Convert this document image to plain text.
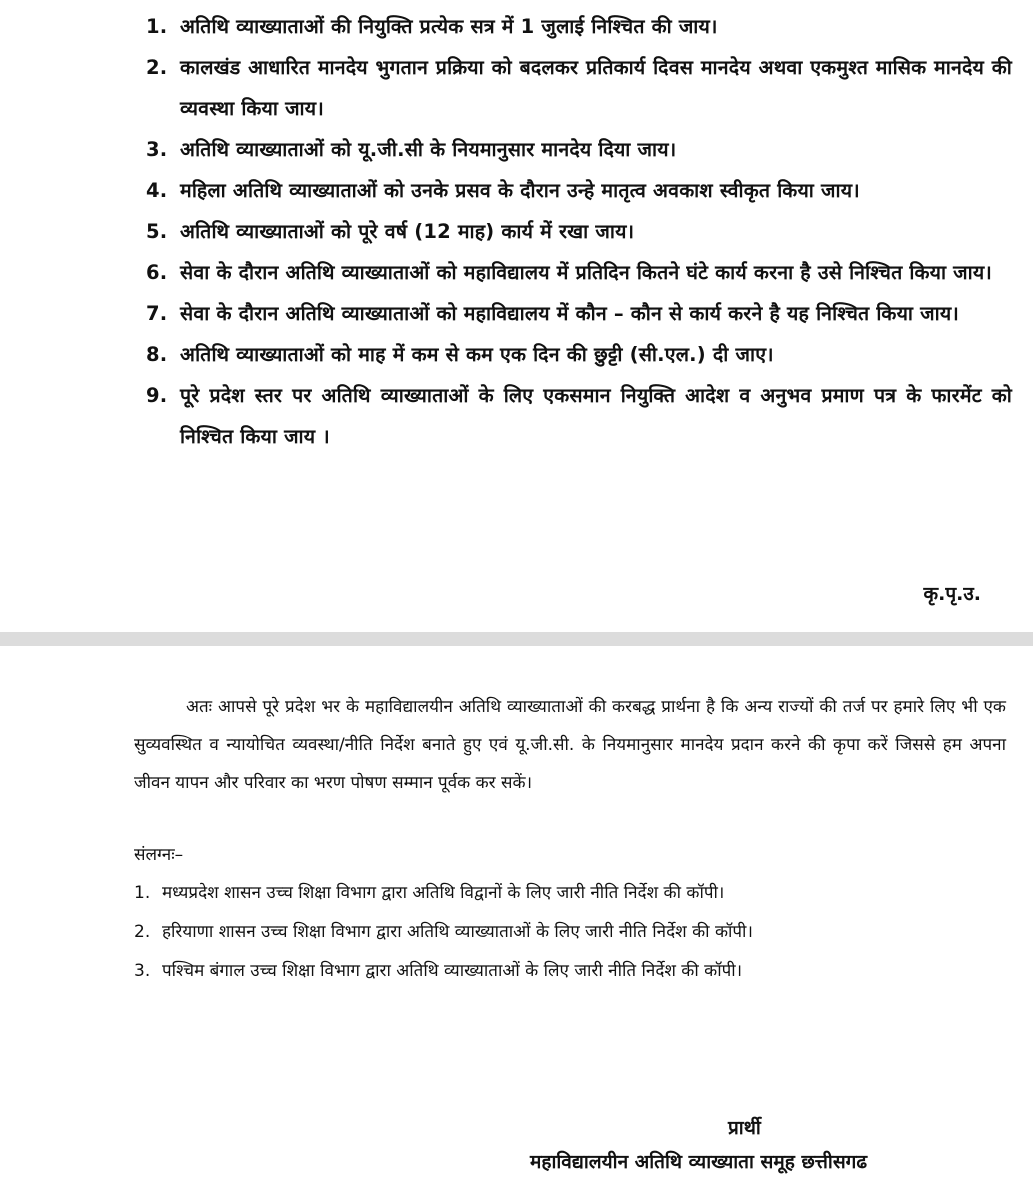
1. अतिथि व्याख्याताओं की नियुक्ति प्रत्येक सत्र में 1 जुलाई निश्चित की जाय।
2. कालखंड आधारित मानदेय भुगतान प्रक्रिया को बदलकर प्रतिकार्य दिवस मानदेय अथवा एकमुश्त मासिक मानदेय की व्यवस्था किया जाय।
3. अतिथि व्याख्याताओं को यू.जी.सी के नियमानुसार मानदेय दिया जाय।
4. महिला अतिथि व्याख्याताओं को उनके प्रसव के दौरान उन्हे मातृत्व अवकाश स्वीकृत किया जाय।
5. अतिथि व्याख्याताओं को पूरे वर्ष (12 माह) कार्य में रखा जाय।
6. सेवा के दौरान अतिथि व्याख्याताओं को महाविद्यालय में प्रतिदिन कितने घंटे कार्य करना है उसे निश्चित किया जाय।
7. सेवा के दौरान अतिथि व्याख्याताओं को महाविद्यालय में कौन – कौन से कार्य करने है यह निश्चित किया जाय।
8. अतिथि व्याख्याताओं को माह में कम से कम एक दिन की छुट्टी (सी.एल.) दी जाए।
9. पूरे प्रदेश स्तर पर अतिथि व्याख्याताओं के लिए एकसमान नियुक्ति आदेश व अनुभव प्रमाण पत्र के फारमेंट को निश्चित किया जाय ।
कृ.पृ.उ.

अतः आपसे पूरे प्रदेश भर के महाविद्यालयीन अतिथि व्याख्याताओं की करबद्ध प्रार्थना है कि अन्य राज्यों की तर्ज पर हमारे लिए भी एक सुव्यवस्थित व न्यायोचित व्यवस्था/नीति निर्देश बनाते हुए एवं यू.जी.सी. के नियमानुसार मानदेय प्रदान करने की कृपा करें जिससे हम अपना जीवन यापन और परिवार का भरण पोषण सम्मान पूर्वक कर सकें।

संलग्नः–
1. मध्यप्रदेश शासन उच्च शिक्षा विभाग द्वारा अतिथि विद्वानों के लिए जारी नीति निर्देश की कॉपी।
2. हरियाणा शासन उच्च शिक्षा विभाग द्वारा अतिथि व्याख्याताओं के लिए जारी नीति निर्देश की कॉपी।
3. पश्चिम बंगाल उच्च शिक्षा विभाग द्वारा अतिथि व्याख्याताओं के लिए जारी नीति निर्देश की कॉपी।
प्रार्थी
महाविद्यालयीन अतिथि व्याख्याता समूह छत्तीसगढ
